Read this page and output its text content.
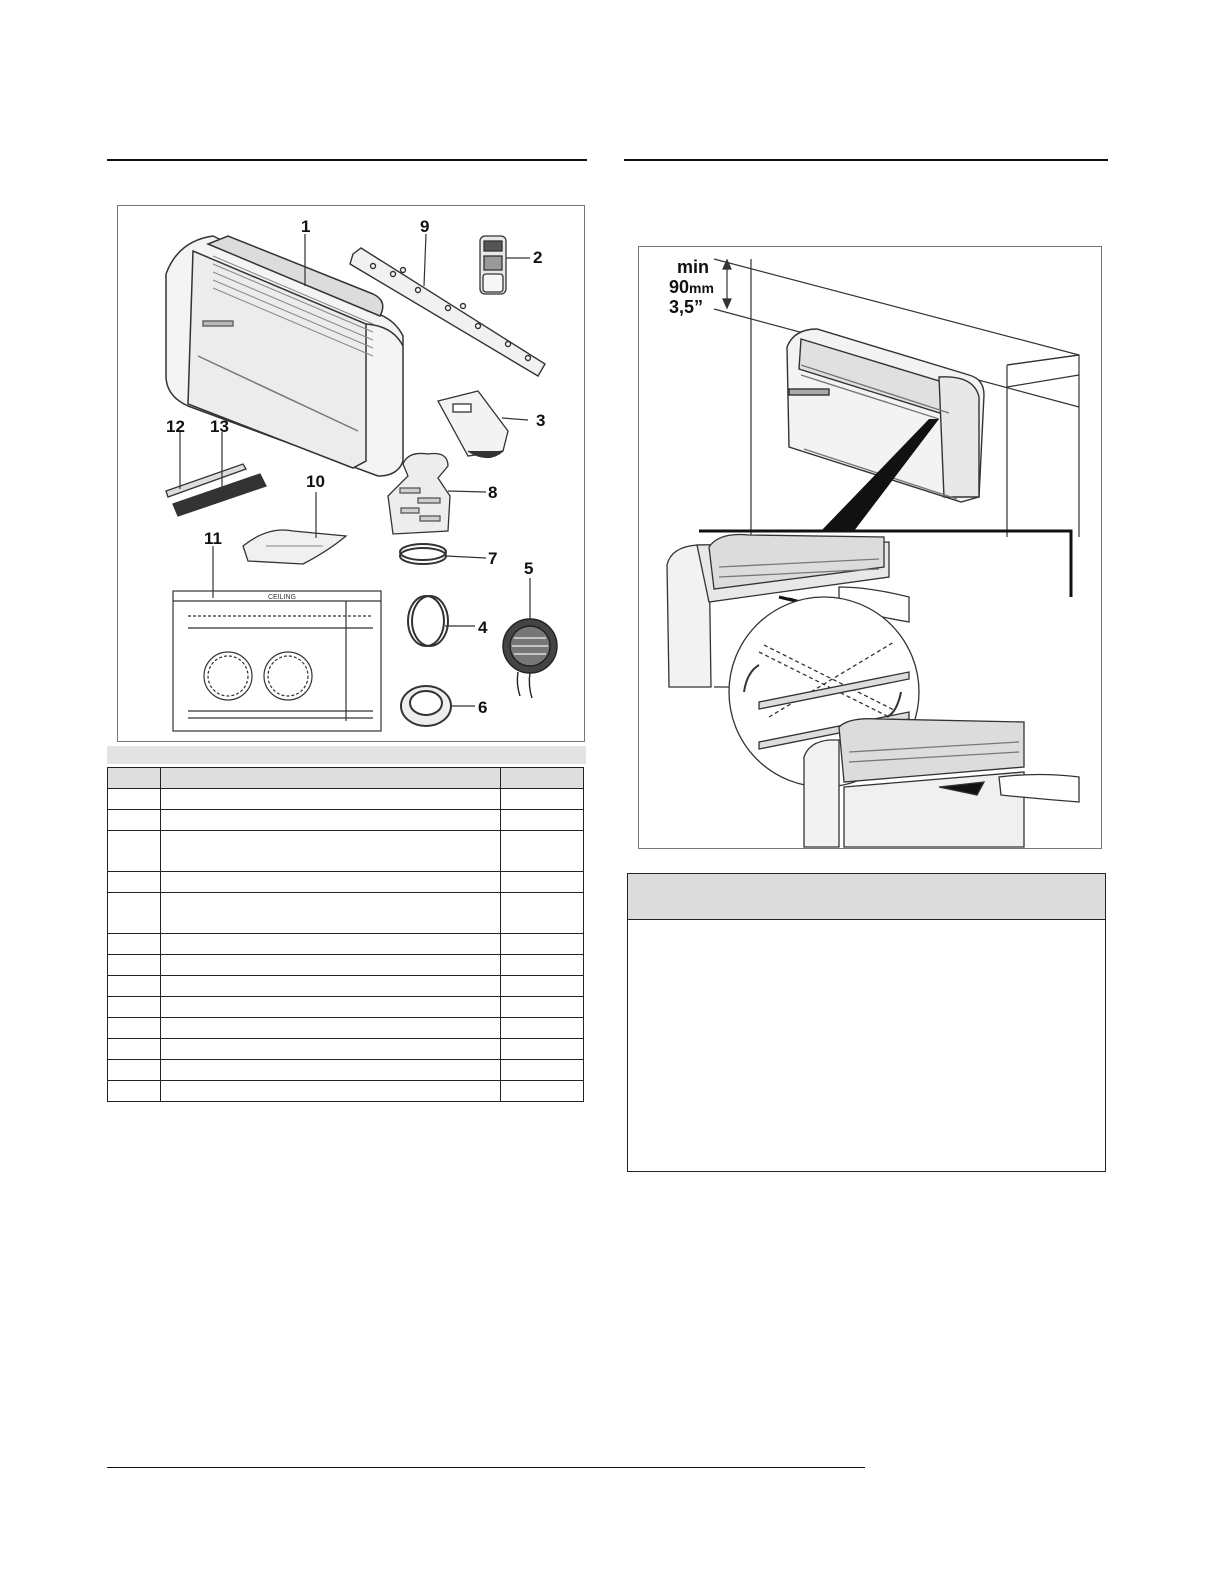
CEILING
1
2
3
4
5
6
7
8
9
10
11
12 13

min
90mm
3,5”
